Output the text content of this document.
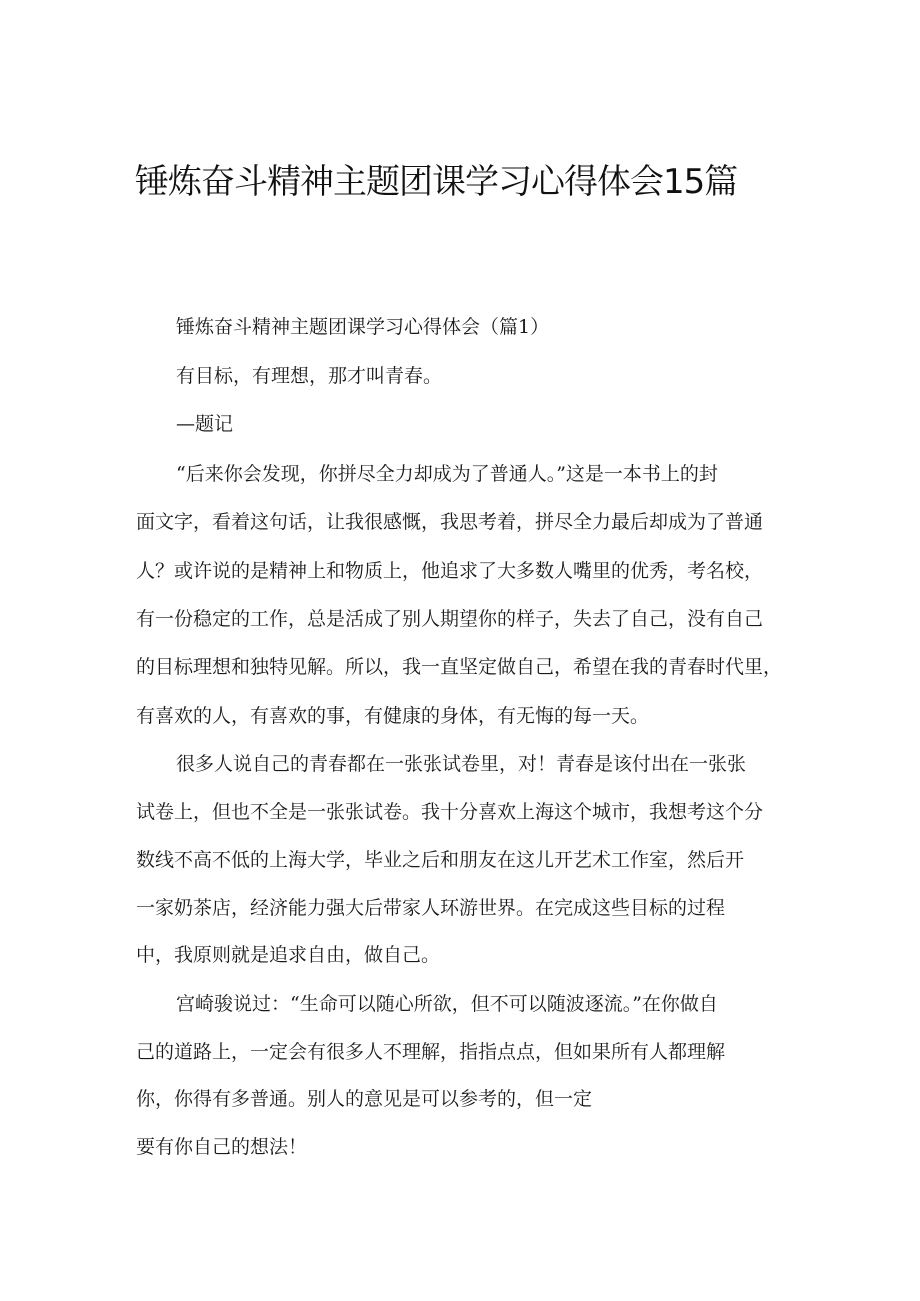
锤炼奋斗精神主题团课学习心得体会15篇
锤炼奋斗精神主题团课学习心得体会（篇1）
有目标，有理想，那才叫青春。
—题记
“后来你会发现，你拼尽全力却成为了普通人。”这是一本书上的封
面文字，看着这句话，让我很感慨，我思考着，拼尽全力最后却成为了普通
人？或许说的是精神上和物质上，他追求了大多数人嘴里的优秀，考名校，
有一份稳定的工作，总是活成了别人期望你的样子，失去了自己，没有自己
的目标理想和独特见解。所以，我一直坚定做自己，希望在我的青春时代里，
有喜欢的人，有喜欢的事，有健康的身体，有无悔的每一天。
很多人说自己的青春都在一张张试卷里，对！青春是该付出在一张张
试卷上，但也不全是一张张试卷。我十分喜欢上海这个城市，我想考这个分
数线不高不低的上海大学，毕业之后和朋友在这儿开艺术工作室，然后开
一家奶茶店，经济能力强大后带家人环游世界。在完成这些目标的过程
中，我原则就是追求自由，做自己。
宫崎骏说过：“生命可以随心所欲，但不可以随波逐流。”在你做自
己的道路上，一定会有很多人不理解，指指点点，但如果所有人都理解
你，你得有多普通。别人的意见是可以参考的，但一定
要有你自己的想法！
